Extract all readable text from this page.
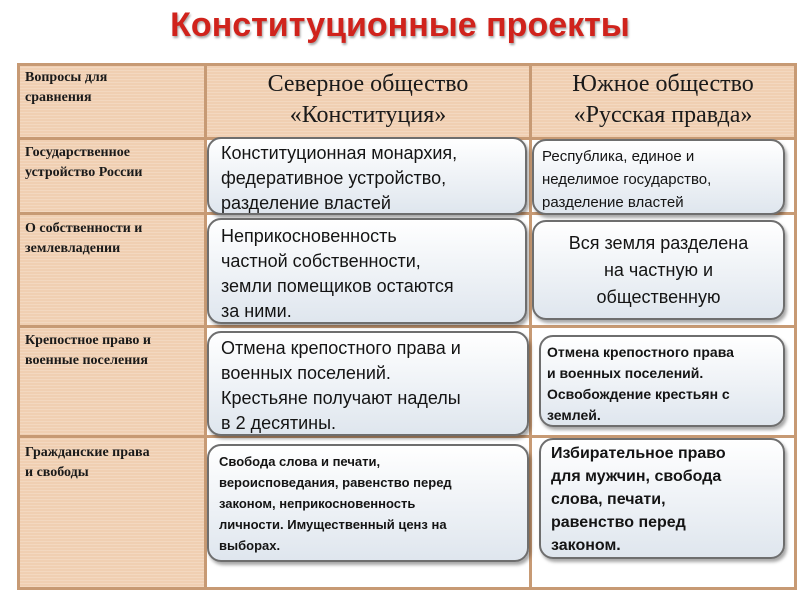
Конституционные проекты
Вопросы для
сравнения
Северное общество
«Конституция»
Южное общество
«Русская правда»
Государственное
устройство России
Конституционная монархия,
федеративное устройство,
разделение властей
Республика, единое и
неделимое государство,
разделение властей
О собственности и
землевладении
Неприкосновенность
частной собственности,
земли помещиков остаются
за ними.
Вся земля разделена
на частную и
общественную
Крепостное право и
военные поселения
Отмена крепостного права и
военных поселений.
Крестьяне получают наделы
в 2 десятины.
Отмена крепостного права
и военных поселений.
Освобождение крестьян с
землей.
Гражданские права
и свободы
Свобода слова и печати,
вероисповедания, равенство перед
законом, неприкосновенность
личности. Имущественный ценз на
выборах.
Избирательное право
для мужчин, свобода
слова, печати,
равенство перед
законом.
